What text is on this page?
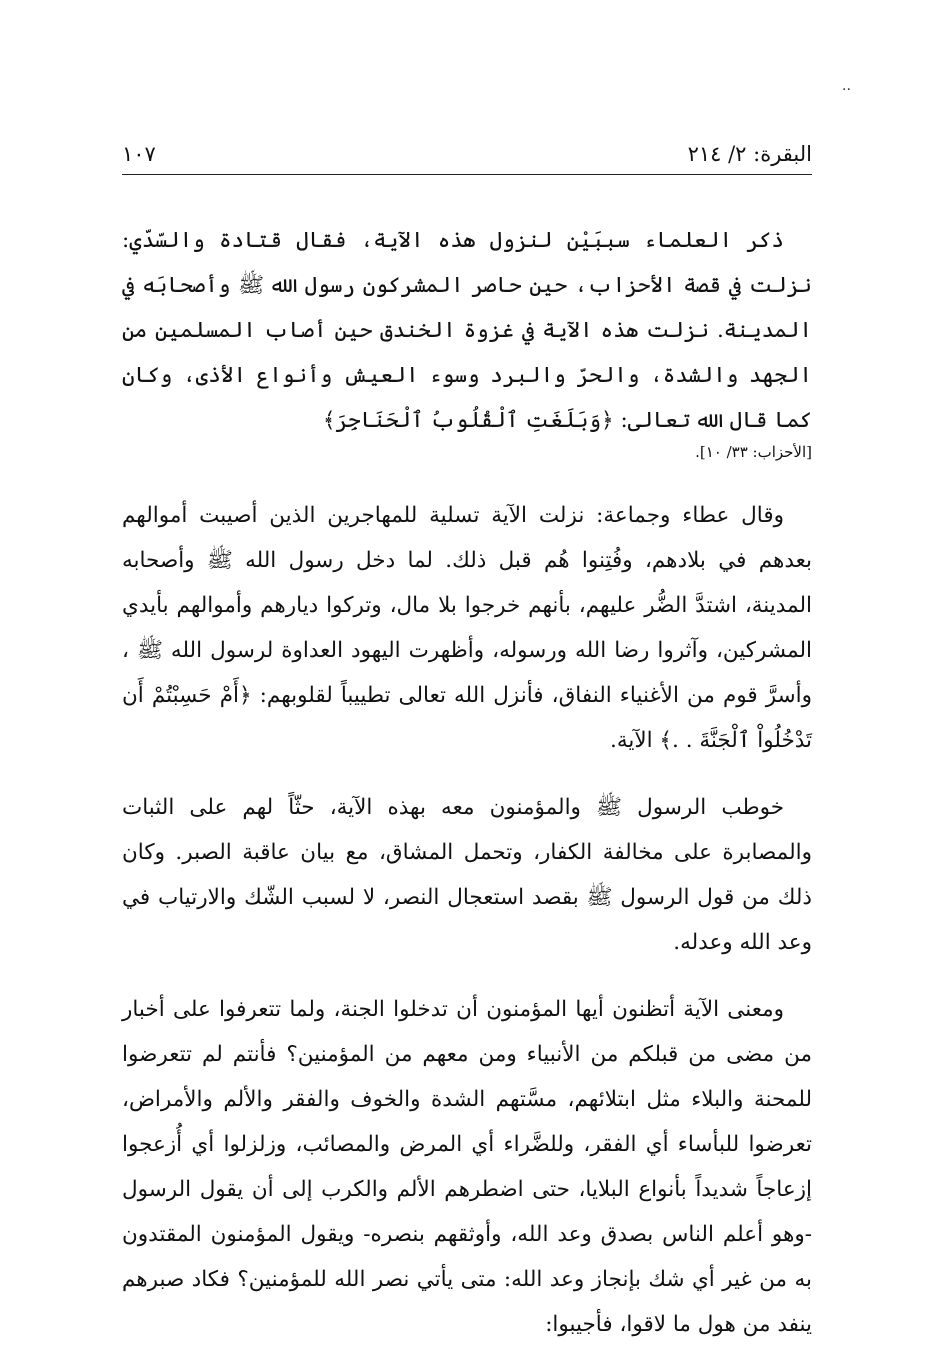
..
البقرة: ٢/ ٢١٤
١٠٧

ذكر العلماء سببَيْن لنزول هذه الآية، فقال قتادة والسّدّي: نزلت في قصة الأحزاب، حين حاصر المشركون رسول الله ﷺ وأصحابَه في المدينة. نزلت هذه الآية في غزوة الخندق حين أصاب المسلمين من الجهد والشدة، والحرّ والبرد وسوء العيش وأنواع الأذى، وكان كما قال الله تعالى: ﴿وَبَلَغَتِ ٱلْقُلُوبُ ٱلْحَنَاجِرَ﴾

[الأحزاب: ٣٣/ ١٠].

وقال عطاء وجماعة: نزلت الآية تسلية للمهاجرين الذين أصيبت أموالهم بعدهم في بلادهم، وفُتِنوا هُم قبل ذلك. لما دخل رسول الله ﷺ وأصحابه المدينة، اشتدَّ الضُّر عليهم، بأنهم خرجوا بلا مال، وتركوا ديارهم وأموالهم بأيدي المشركين، وآثروا رضا الله ورسوله، وأظهرت اليهود العداوة لرسول الله ﷺ ، وأسرَّ قوم من الأغنياء النفاق، فأنزل الله تعالى تطييباً لقلوبهم: ﴿أَمْ حَسِبْتُمْ أَن تَدْخُلُواْ ٱلْجَنَّةَ . .﴾ الآية.

خوطب الرسول ﷺ والمؤمنون معه بهذه الآية، حثّاً لهم على الثبات والمصابرة على مخالفة الكفار، وتحمل المشاق، مع بيان عاقبة الصبر. وكان ذلك من قول الرسول ﷺ بقصد استعجال النصر، لا لسبب الشّك والارتياب في وعد الله وعدله.

ومعنى الآية أتظنون أيها المؤمنون أن تدخلوا الجنة، ولما تتعرفوا على أخبار من مضى من قبلكم من الأنبياء ومن معهم من المؤمنين؟ فأنتم لم تتعرضوا للمحنة والبلاء مثل ابتلائهم، مسَّتهم الشدة والخوف والفقر والألم والأمراض، تعرضوا للبأساء أي الفقر، وللضَّراء أي المرض والمصائب، وزلزلوا أي أُزعجوا إزعاجاً شديداً بأنواع البلايا، حتى اضطرهم الألم والكرب إلى أن يقول الرسول -وهو أعلم الناس بصدق وعد الله، وأوثقهم بنصره- ويقول المؤمنون المقتدون به من غير أي شك بإنجاز وعد الله: متى يأتي نصر الله للمؤمنين؟ فكاد صبرهم ينفد من هول ما لاقوا، فأجيبوا:
